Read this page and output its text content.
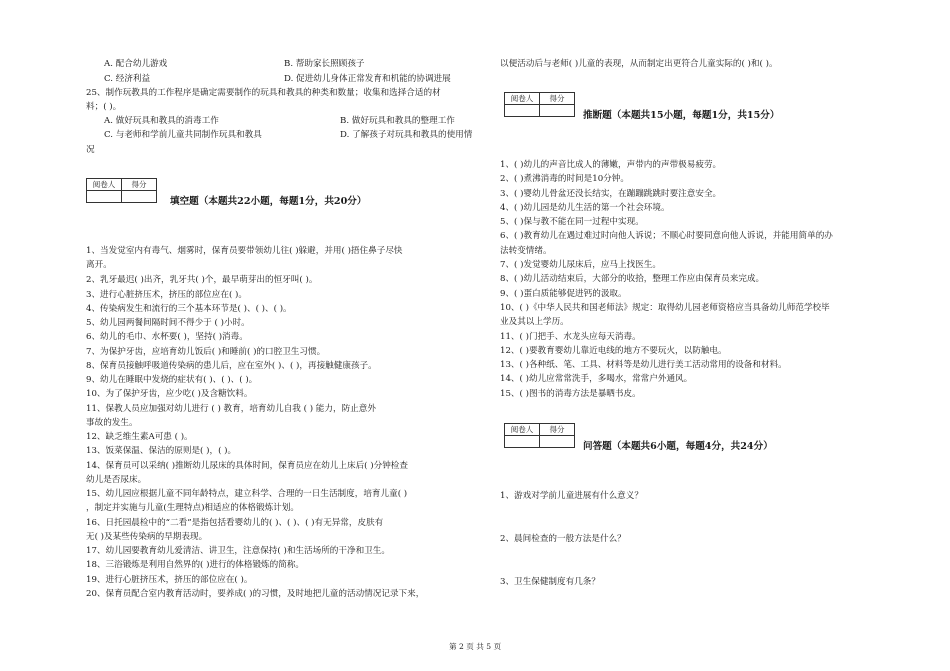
A. 配合幼儿游戏	B. 帮助家长照顾孩子
C. 经济利益	D. 促进幼儿身体正常发育和机能的协调进展
25、制作玩教具的工作程序是确定需要制作的玩具和教具的种类和数量；收集和选择合适的材
料；( )。
A. 做好玩具和教具的消毒工作	B. 做好玩具和教具的整理工作
C. 与老师和学前儿童共同制作玩具和教具	D. 了解孩子对玩具和教具的使用情
况
阅卷人	得分

填空题（本题共22小题，每题1分，共20分）
1、当发觉室内有毒气、烟雾时，保育员要带领幼儿往( )躲避，并用( )捂住鼻子尽快
离开。
2、乳牙最迟( )出齐，乳牙共( )个，最早萌芽出的恒牙叫( )。
3、进行心脏挤压术，挤压的部位应在( )。
4、传染病发生和流行的三个基本环节是( )、( )、( )。
5、幼儿园两餐间隔时间不得少于 ( )小时。
6、幼儿的毛巾、水杯要( )，坚持( )消毒。
7、为保护牙齿，应培育幼儿饭后( )和睡前( )的口腔卫生习惯。
8、保育员接触呼吸道传染病的患儿后，应在室外( )、( )，再接触健康孩子。
9、幼儿在睡眠中发烧的症状有( )、( )、( )。
10、为了保护牙齿，应少吃( )及含糖饮料。
11、保教人员应加强对幼儿进行 ( ) 教育，培育幼儿自我 ( ) 能力，防止意外
事故的发生。
12、缺乏维生素A可患 ( )。
13、饭菜保温、保洁的原则是( )，( )。
14、保育员可以采纳( )推断幼儿尿床的具体时间，保育员应在幼儿上床后( )分钟检查
幼儿是否尿床。
15、幼儿园应根据儿童不同年龄特点，建立科学、合理的一日生活制度，培育儿童( )
，制定并实施与儿童(生理特点)相适应的体格锻炼计划。
16、日托园晨检中的“二看”是指包括看婴幼儿的( )、( )、( )有无异常，皮肤有
无( )及某些传染病的早期表现。
17、幼儿园要教育幼儿爱清洁、讲卫生，注意保持( )和生活场所的干净和卫生。
18、三浴锻炼是利用自然界的( )进行的体格锻炼的简称。
19、进行心脏挤压术，挤压的部位应在( )。
20、保育员配合室内教育活动时，要养成( )的习惯，及时地把儿童的活动情况记录下来，
以便活动后与老师( )儿童的表现，从而制定出更符合儿童实际的( )和( )。
阅卷人	得分

推断题（本题共15小题，每题1分，共15分）
1、( )幼儿的声音比成人的薄嫩，声带内的声带极易疲劳。
2、( )煮沸消毒的时间是10分钟。
3、( )婴幼儿骨盆还没长结实，在蹦蹦跳跳时要注意安全。
4、( )幼儿园是幼儿生活的第一个社会环境。
5、( )保与教不能在同一过程中实现。
6、( )教育幼儿在遇过难过时向他人诉说；不顺心时要同意向他人诉说，并能用简单的办
法转变情绪。
7、( )发觉婴幼儿尿床后，应马上找医生。
8、( )幼儿活动结束后，大部分的收拾，整理工作应由保育员来完成。
9、( )蛋白质能够促进钙的汲取。
10、( )《中华人民共和国老师法》规定：取得幼儿园老师资格应当具备幼儿师范学校毕
业及其以上学历。
11、( )门把手、水龙头应每天消毒。
12、( )要教育婴幼儿靠近电线的地方不要玩火，以防触电。
13、( )各种纸、笔、工具、材料等是幼儿进行美工活动常用的设备和材料。
14、( )幼儿应常常洗手，多喝水，常常户外通风。
15、( )图书的消毒方法是暴晒书皮。
阅卷人	得分

问答题（本题共6小题，每题4分，共24分）
1、游戏对学前儿童进展有什么意义？
2、晨间检查的一般方法是什么？
3、卫生保健制度有几条？
第 2 页 共 5 页
